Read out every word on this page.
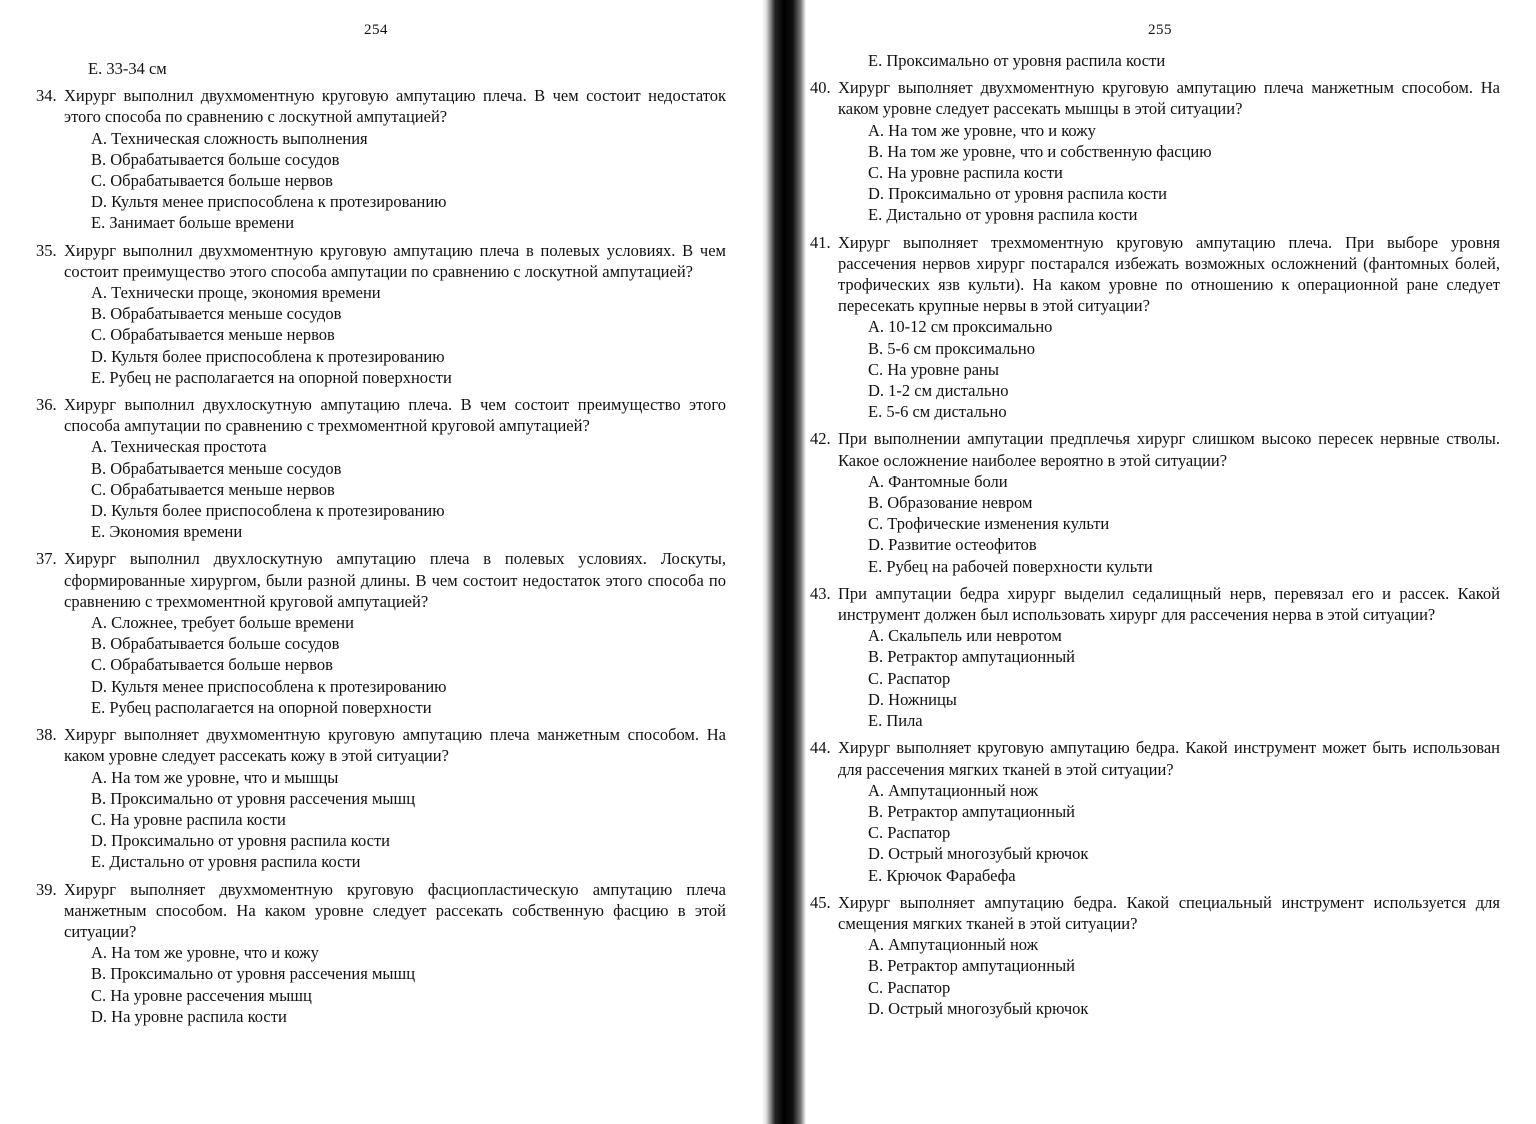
254
E. 33-34 см
34. Хирург выполнил двухмоментную круговую ампутацию плеча. В чем состоит недостаток этого способа по сравнению с лоскутной ампутацией?
А. Техническая сложность выполнения
В. Обрабатывается больше сосудов
С. Обрабатывается больше нервов
D. Культя менее приспособлена к протезированию
Е. Занимает больше времени
35. Хирург выполнил двухмоментную круговую ампутацию плеча в полевых условиях. В чем состоит преимущество этого способа ампутации по сравнению с лоскутной ампутацией?
А. Технически проще, экономия времени
В. Обрабатывается меньше сосудов
С. Обрабатывается меньше нервов
D. Культя более приспособлена к протезированию
Е. Рубец не располагается на опорной поверхности
36. Хирург выполнил двухлоскутную ампутацию плеча. В чем состоит преимущество этого способа ампутации по сравнению с трехмоментной круговой ампутацией?
А. Техническая простота
В. Обрабатывается меньше сосудов
С. Обрабатывается меньше нервов
D. Культя более приспособлена к протезированию
Е. Экономия времени
37. Хирург выполнил двухлоскутную ампутацию плеча в полевых условиях. Лоскуты, сформированные хирургом, были разной длины. В чем состоит недостаток этого способа по сравнению с трехмоментной круговой ампутацией?
А. Сложнее, требует больше времени
В. Обрабатывается больше сосудов
С. Обрабатывается больше нервов
D. Культя менее приспособлена к протезированию
Е. Рубец располагается на опорной поверхности
38. Хирург выполняет двухмоментную круговую ампутацию плеча манжетным способом. На каком уровне следует рассекать кожу в этой ситуации?
А. На том же уровне, что и мышцы
В. Проксимально от уровня рассечения мышц
С. На уровне распила кости
D. Проксимально от уровня распила кости
Е. Дистально от уровня распила кости
39. Хирург выполняет двухмоментную круговую фасциопластическую ампутацию плеча манжетным способом. На каком уровне следует рассекать собственную фасцию в этой ситуации?
А. На том же уровне, что и кожу
В. Проксимально от уровня рассечения мышц
С. На уровне рассечения мышц
D. На уровне распила кости
255
Е. Проксимально от уровня распила кости
40. Хирург выполняет двухмоментную круговую ампутацию плеча манжетным способом. На каком уровне следует рассекать мышцы в этой ситуации?
А. На том же уровне, что и кожу
В. На том же уровне, что и собственную фасцию
С. На уровне распила кости
D. Проксимально от уровня распила кости
Е. Дистально от уровня распила кости
41. Хирург выполняет трехмоментную круговую ампутацию плеча. При выборе уровня рассечения нервов хирург постарался избежать возможных осложнений (фантомных болей, трофических язв культи). На каком уровне по отношению к операционной ране следует пересекать крупные нервы в этой ситуации?
А. 10-12 см проксимально
В. 5-6 см проксимально
С. На уровне раны
D. 1-2 см дистально
Е. 5-6 см дистально
42. При выполнении ампутации предплечья хирург слишком высоко пересек нервные стволы. Какое осложнение наиболее вероятно в этой ситуации?
А. Фантомные боли
В. Образование невром
С. Трофические изменения культи
D. Развитие остеофитов
Е. Рубец на рабочей поверхности культи
43. При ампутации бедра хирург выделил седалищный нерв, перевязал его и рассек. Какой инструмент должен был использовать хирург для рассечения нерва в этой ситуации?
А. Скальпель или невротом
В. Ретрактор ампутационный
С. Распатор
D. Ножницы
Е. Пила
44. Хирург выполняет круговую ампутацию бедра. Какой инструмент может быть использован для рассечения мягких тканей в этой ситуации?
А. Ампутационный нож
В. Ретрактор ампутационный
С. Распатор
D. Острый многозубый крючок
Е. Крючок Фарабефа
45. Хирург выполняет ампутацию бедра. Какой специальный инструмент используется для смещения мягких тканей в этой ситуации?
А. Ампутационный нож
В. Ретрактор ампутационный
С. Распатор
D. Острый многозубый крючок
